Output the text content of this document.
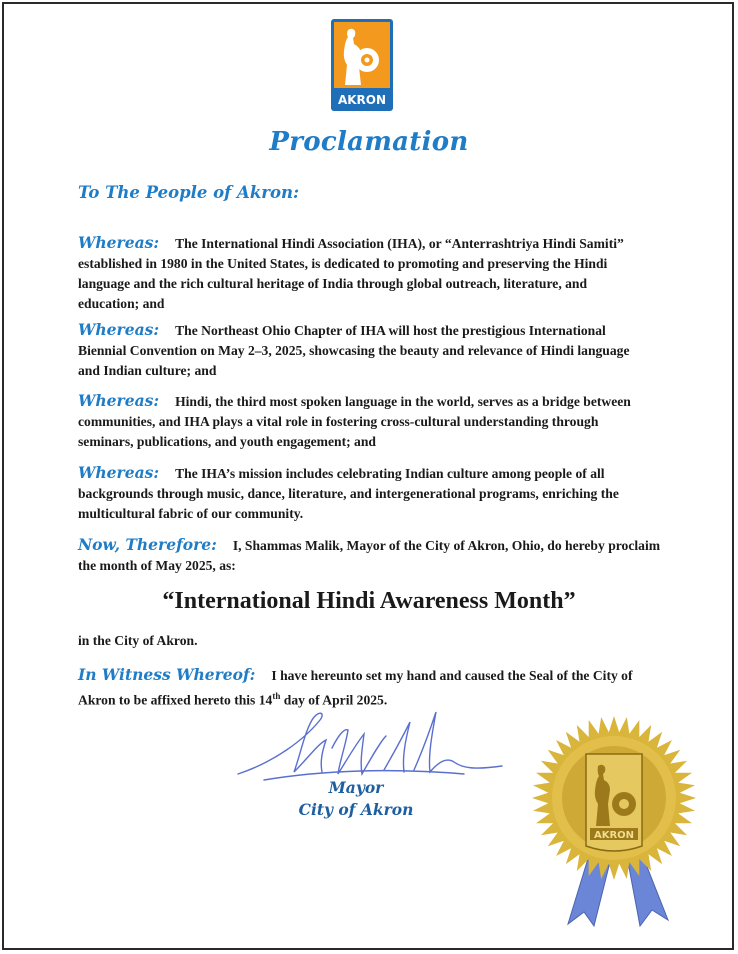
AKRON
Proclamation
To The People of Akron:
Whereas: The International Hindi Association (IHA), or “Anterrashtriya Hindi Samiti”
established in 1980 in the United States, is dedicated to promoting and preserving the Hindi
language and the rich cultural heritage of India through global outreach, literature, and
education; and
Whereas: The Northeast Ohio Chapter of IHA will host the prestigious International
Biennial Convention on May 2–3, 2025, showcasing the beauty and relevance of Hindi language
and Indian culture; and
Whereas: Hindi, the third most spoken language in the world, serves as a bridge between
communities, and IHA plays a vital role in fostering cross-cultural understanding through
seminars, publications, and youth engagement; and
Whereas: The IHA’s mission includes celebrating Indian culture among people of all
backgrounds through music, dance, literature, and intergenerational programs, enriching the
multicultural fabric of our community.
Now, Therefore: I, Shammas Malik, Mayor of the City of Akron, Ohio, do hereby proclaim
the month of May 2025, as:
“International Hindi Awareness Month”
in the City of Akron.
In Witness Whereof: I have hereunto set my hand and caused the Seal of the City of
Akron to be affixed hereto this 14th day of April 2025.
Mayor
City of Akron
AKRON
